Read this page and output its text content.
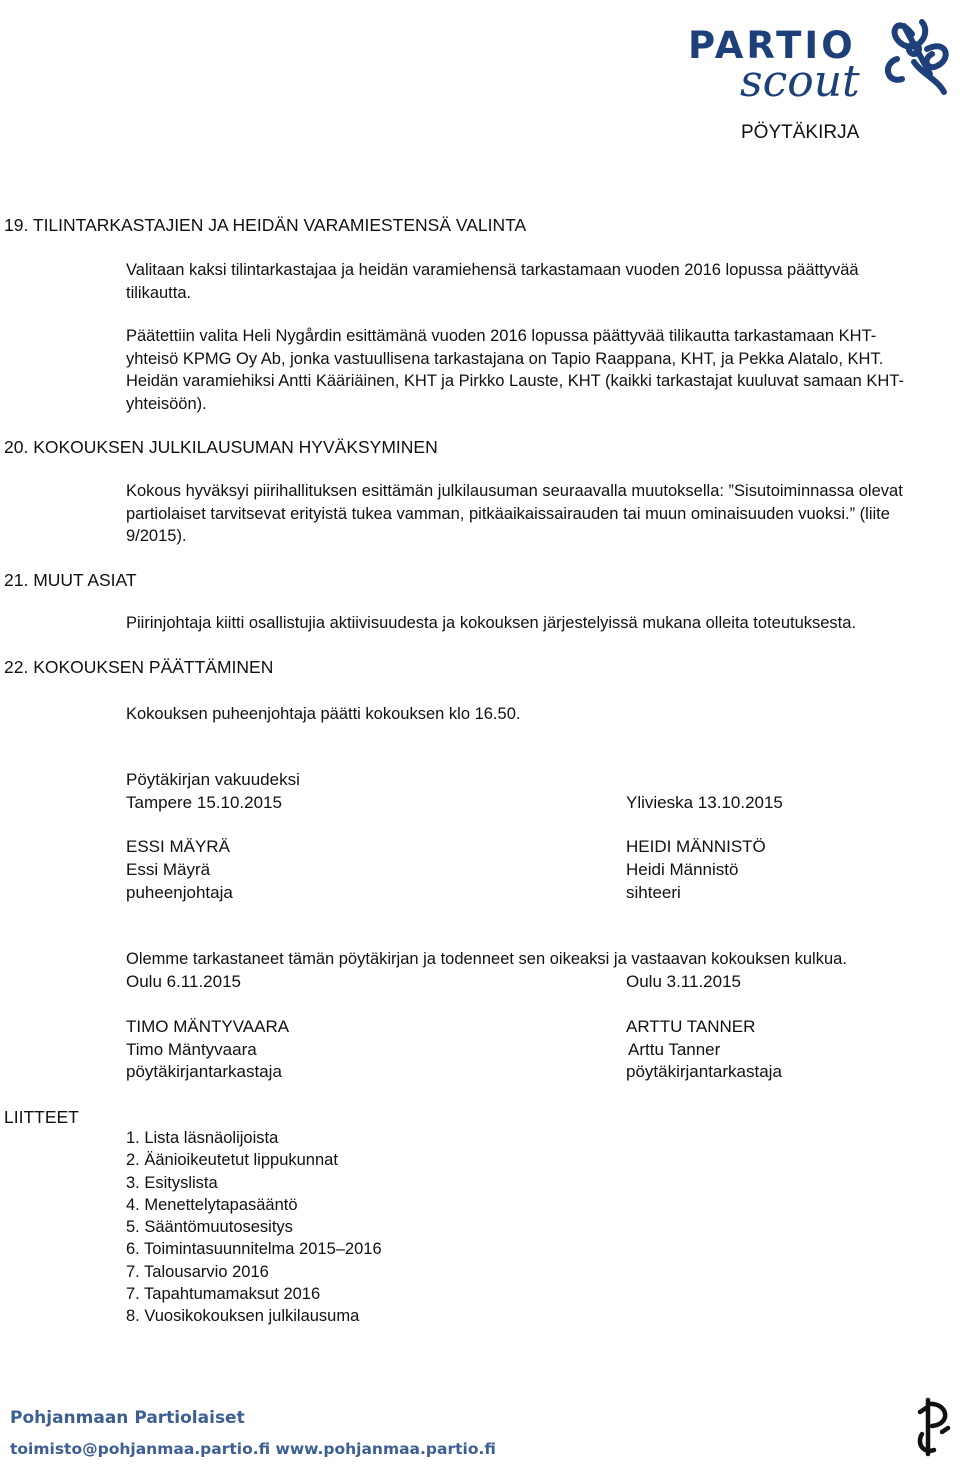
PARTIO
scout
PÖYTÄKIRJA
19. TILINTARKASTAJIEN JA HEIDÄN VARAMIESTENSÄ VALINTA
Valitaan kaksi tilintarkastajaa ja heidän varamiehensä tarkastamaan vuoden 2016 lopussa päättyvää tilikautta.
Päätettiin valita Heli Nygårdin esittämänä vuoden 2016 lopussa päättyvää tilikautta tarkastamaan KHT-yhteisö KPMG Oy Ab, jonka vastuullisena tarkastajana on Tapio Raappana, KHT, ja Pekka Alatalo, KHT. Heidän varamiehiksi Antti Kääriäinen, KHT ja Pirkko Lauste, KHT (kaikki tarkastajat kuuluvat samaan KHT-yhteisöön).
20. KOKOUKSEN JULKILAUSUMAN HYVÄKSYMINEN
Kokous hyväksyi piirihallituksen esittämän julkilausuman seuraavalla muutoksella: ”Sisutoiminnassa olevat partiolaiset tarvitsevat erityistä tukea vamman, pitkäaikaissairauden tai muun ominaisuuden vuoksi.” (liite 9/2015).
21. MUUT ASIAT
Piirinjohtaja kiitti osallistujia aktiivisuudesta ja kokouksen järjestelyissä mukana olleita toteutuksesta.
22. KOKOUKSEN PÄÄTTÄMINEN
Kokouksen puheenjohtaja päätti kokouksen klo 16.50.
Pöytäkirjan vakuudeksi
Tampere 15.10.2015	Ylivieska 13.10.2015
ESSI MÄYRÄ	HEIDI MÄNNISTÖ
Essi Mäyrä	Heidi Männistö
puheenjohtaja	sihteeri
Olemme tarkastaneet tämän pöytäkirjan ja todenneet sen oikeaksi ja vastaavan kokouksen kulkua.
Oulu 6.11.2015	Oulu 3.11.2015
TIMO MÄNTYVAARA	ARTTU TANNER
Timo Mäntyvaara	Arttu Tanner
pöytäkirjantarkastaja	pöytäkirjantarkastaja
LIITTEET
1. Lista läsnäolijoista
2. Äänioikeutetut lippukunnat
3. Esityslista
4. Menettelytapasääntö
5. Sääntömuutosesitys
6. Toimintasuunnitelma 2015–2016
7. Talousarvio 2016
7. Tapahtumamaksut 2016
8. Vuosikokouksen julkilausuma
Pohjanmaan Partiolaiset
toimisto@pohjanmaa.partio.fi www.pohjanmaa.partio.fi
